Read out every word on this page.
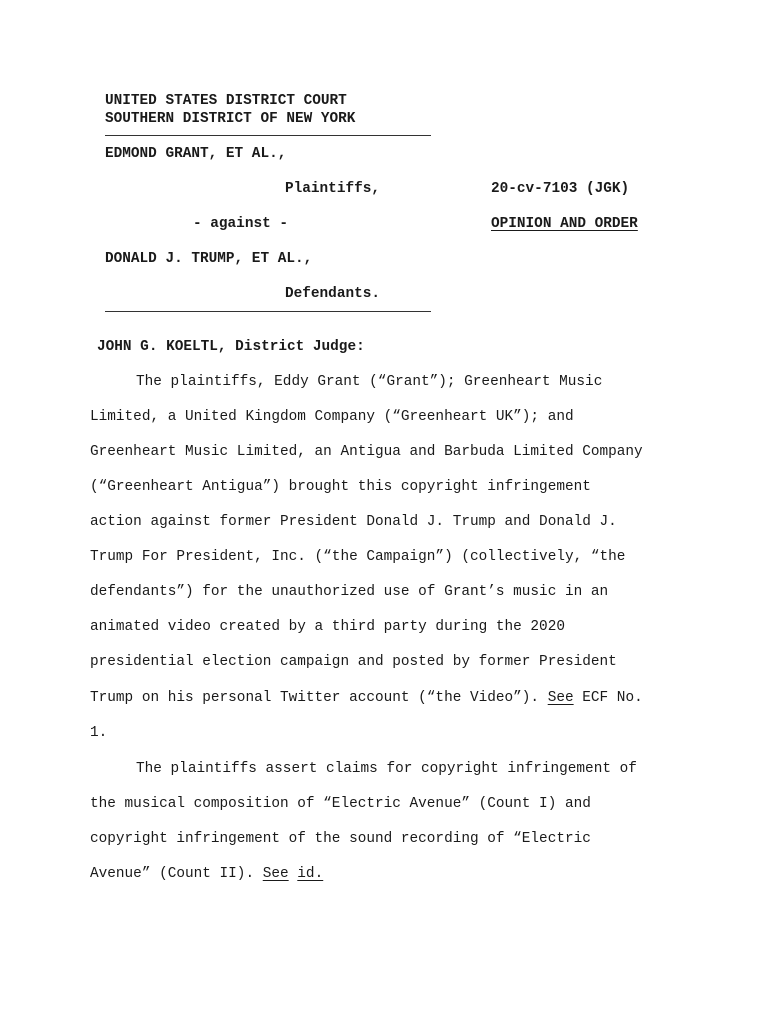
UNITED STATES DISTRICT COURT
SOUTHERN DISTRICT OF NEW YORK
EDMOND GRANT, ET AL.,
Plaintiffs,	20-cv-7103 (JGK)
- against -	OPINION AND ORDER
DONALD J. TRUMP, ET AL.,
Defendants.
JOHN G. KOELTL, District Judge:
The plaintiffs, Eddy Grant (“Grant”); Greenheart Music
Limited, a United Kingdom Company (“Greenheart UK”); and
Greenheart Music Limited, an Antigua and Barbuda Limited Company
(“Greenheart Antigua”) brought this copyright infringement
action against former President Donald J. Trump and Donald J.
Trump For President, Inc. (“the Campaign”) (collectively, “the
defendants”) for the unauthorized use of Grant’s music in an
animated video created by a third party during the 2020
presidential election campaign and posted by former President
Trump on his personal Twitter account (“the Video”). See ECF No.
1.
The plaintiffs assert claims for copyright infringement of
the musical composition of “Electric Avenue” (Count I) and
copyright infringement of the sound recording of “Electric
Avenue” (Count II). See id.
